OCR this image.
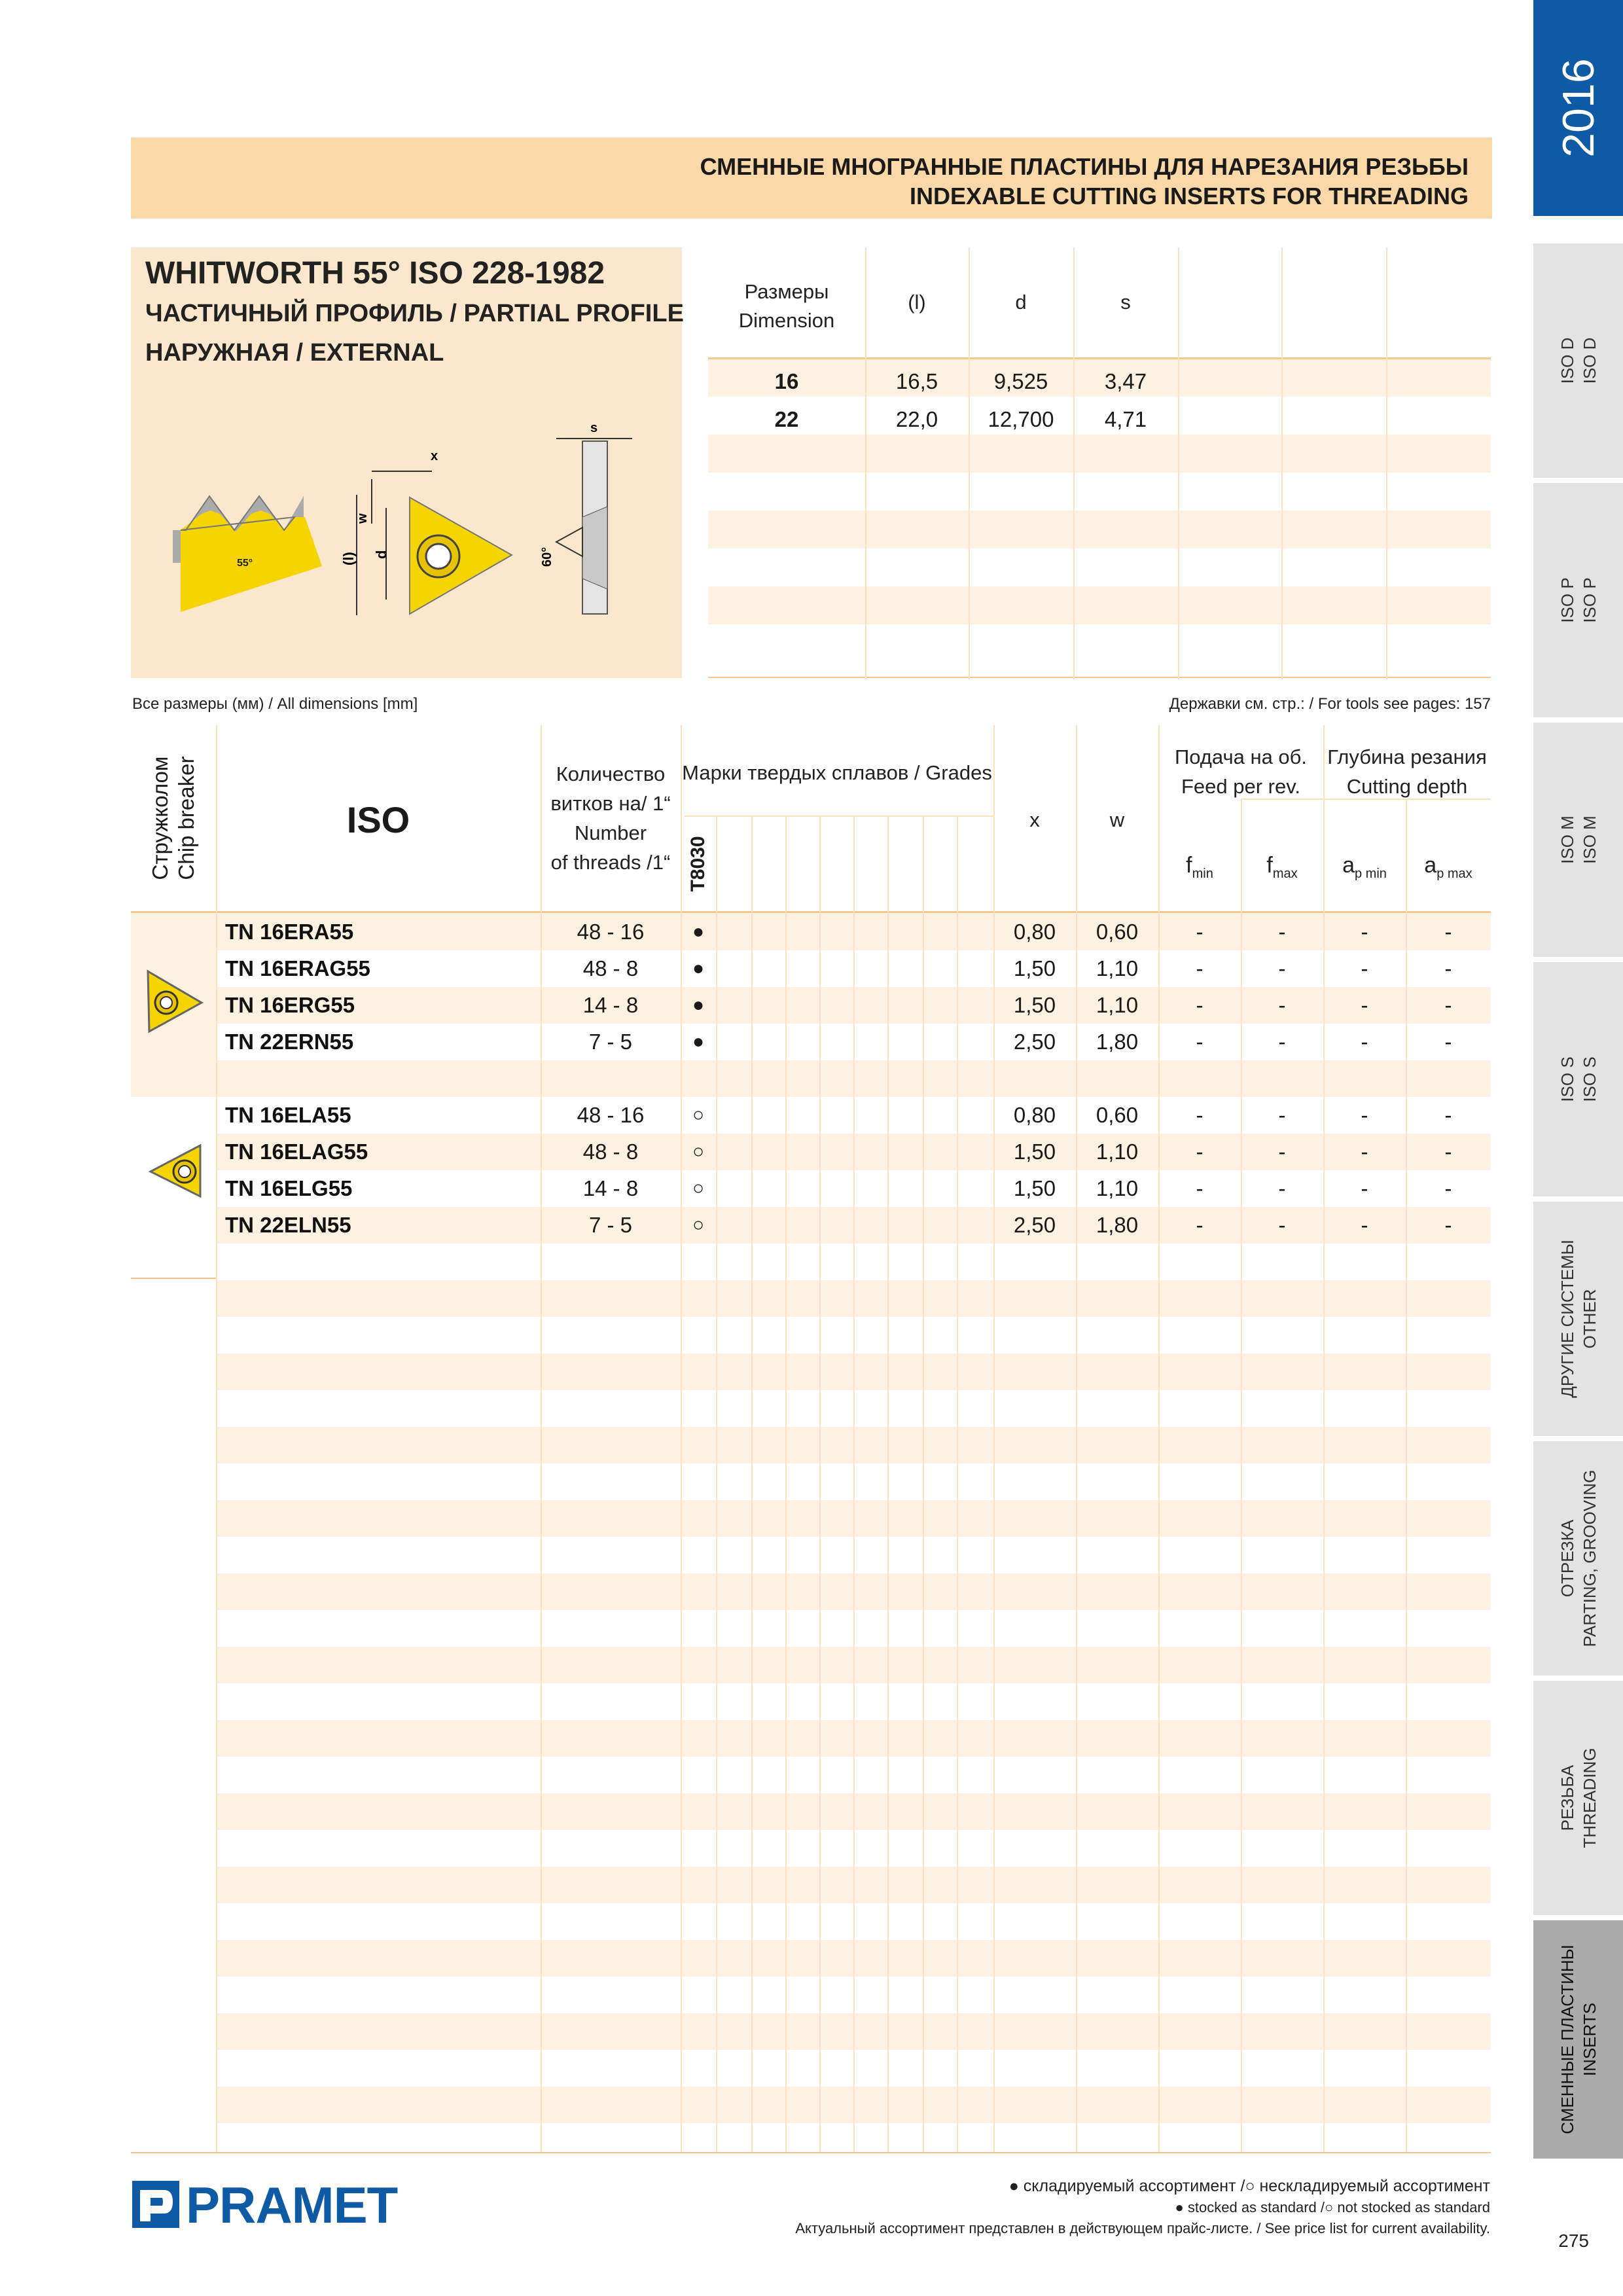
СМЕННЫЕ МНОГРАННЫЕ ПЛАСТИНЫ ДЛЯ НАРЕЗАНИЯ РЕЗЬБЫ
INDEXABLE CUTTING INSERTS FOR THREADING
2016
ISO D ISO D
ISO P ISO P
ISO M ISO M
ISO S ISO S
ДРУГИЕ СИСТЕМЫ OTHER
ОТРЕЗКА PARTING, GROOVING
РЕЗЬБА THREADING
СМЕННЫЕ ПЛАСТИНЫ INSERTS
WHITWORTH 55° ISO 228-1982
ЧАСТИЧНЫЙ ПРОФИЛЬ / PARTIAL PROFILE
НАРУЖНАЯ / EXTERNAL
55°
x
w
(l) d
s
60°
Размеры
Dimension
(l)	d	s
16	16,5	9,525	3,47
22	22,0	12,700	4,71
Все размеры (мм) / All dimensions [mm]	Державки см. стр.: / For tools see pages: 157
Стружколом Chip breaker	ISO
Количество
витков на/ 1“
Number
of threads /1“
Марки твердых сплавов / Grades
T8030
x	w
Подача на об.
Feed per rev.
Глубина резания
Cutting depth
$f_{min}$	$f_{max}$	$a_{p min}$	$a_{p max}$
TN 16ERA55	48 - 16	●	0,80	0,60	-	-	-	-
TN 16ERAG55	48 - 8	●	1,50	1,10	-	-	-	-
TN 16ERG55	14 - 8	●	1,50	1,10	-	-	-	-
TN 22ERN55	7 - 5	●	2,50	1,80	-	-	-	-
TN 16ELA55	48 - 16	○	0,80	0,60	-	-	-	-
TN 16ELAG55	48 - 8	○	1,50	1,10	-	-	-	-
TN 16ELG55	14 - 8	○	1,50	1,10	-	-	-	-
TN 22ELN55	7 - 5	○	2,50	1,80	-	-	-	-
PRAMET	● складируемый ассортимент /○ нескладируемый ассортимент
● stocked as standard /○ not stocked as standard
Актуальный ассортимент представлен в действующем прайс-листе. / See price list for current availability.
275
